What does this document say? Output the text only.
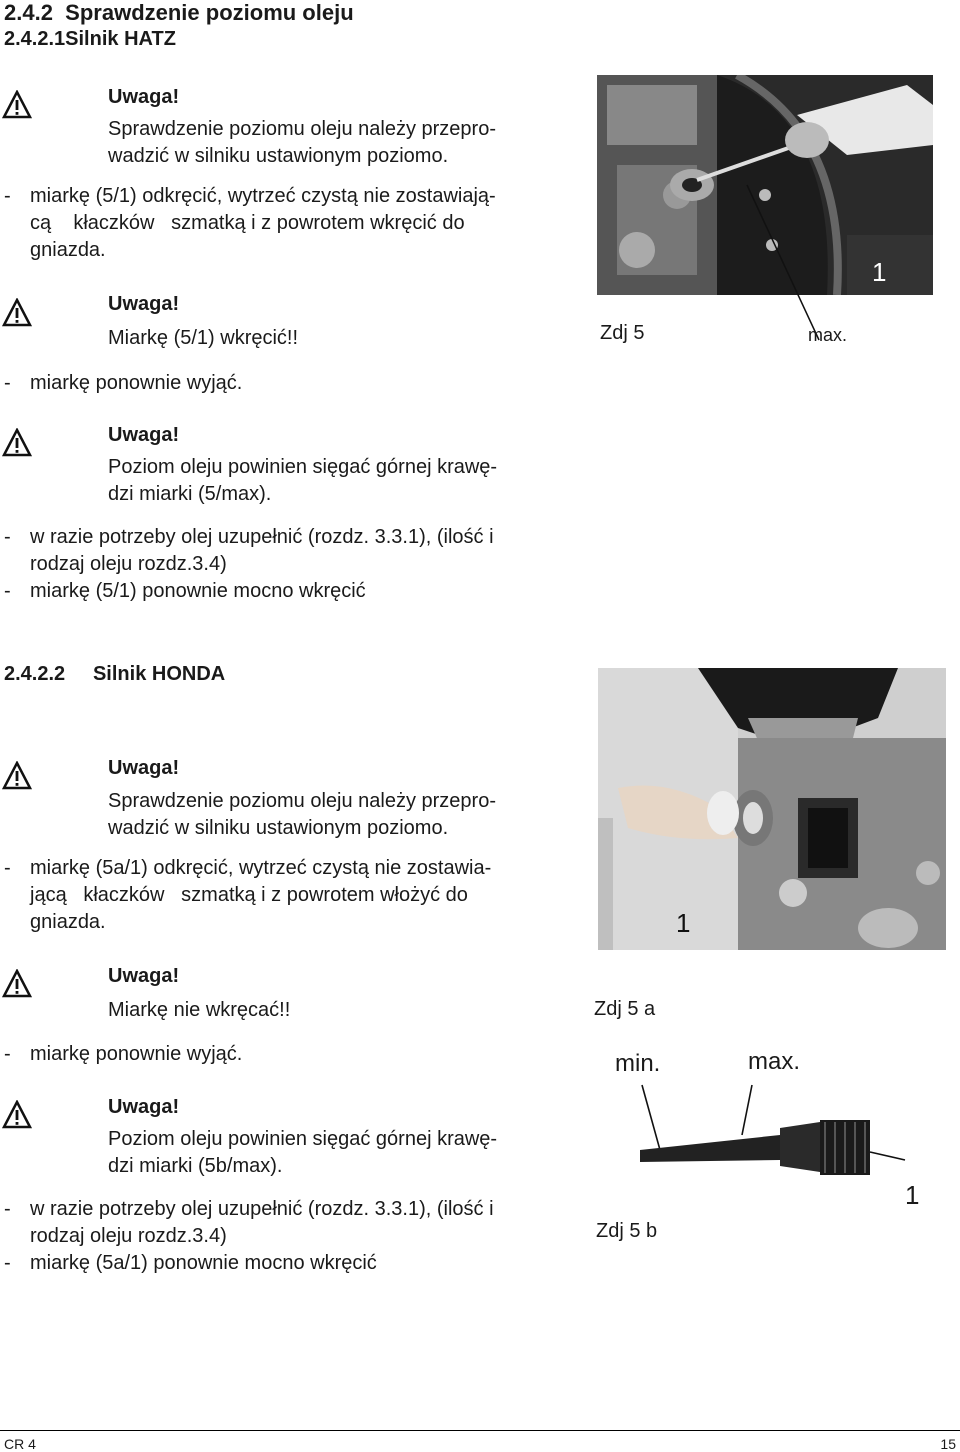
2.4.2 Sprawdzenie poziomu oleju
2.4.2.1Silnik HATZ
Uwaga!
Sprawdzenie poziomu oleju należy przepro-
wadzić w silniku ustawionym poziomo.
- miarkę (5/1) odkręcić, wytrzeć czystą nie zostawiają-
cą    kłaczków   szmatką i z powrotem wkręcić do
gniazda.
Uwaga!
Miarkę (5/1) wkręcić!!
- miarkę ponownie wyjąć.
Uwaga!
Poziom oleju powinien sięgać górnej krawę-
dzi miarki (5/max).
- w razie potrzeby olej uzupełnić (rozdz. 3.3.1), (ilość i
rodzaj oleju rozdz.3.4)
- miarkę (5/1) ponownie mocno wkręcić
1
Zdj 5	max.
2.4.2.2 Silnik HONDA
Uwaga!
Sprawdzenie poziomu oleju należy przepro-
wadzić w silniku ustawionym poziomo.
- miarkę (5a/1) odkręcić, wytrzeć czystą nie zostawia-
jącą   kłaczków   szmatką i z powrotem włożyć do
gniazda.
Uwaga!
Miarkę nie wkręcać!!
- miarkę ponownie wyjąć.
Uwaga!
Poziom oleju powinien sięgać górnej krawę-
dzi miarki (5b/max).
- w razie potrzeby olej uzupełnić (rozdz. 3.3.1), (ilość i
rodzaj oleju rozdz.3.4)
- miarkę (5a/1) ponownie mocno wkręcić
1
Zdj 5 a
min.	max.
1
Zdj 5 b
CR 4	15
